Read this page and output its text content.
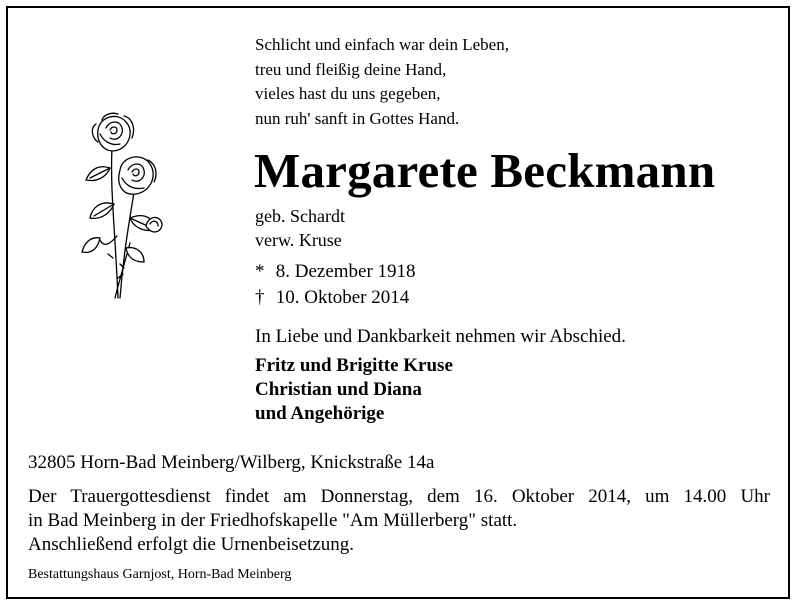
Schlicht und einfach war dein Leben,
treu und fleißig deine Hand,
vieles hast du uns gegeben,
nun ruh' sanft in Gottes Hand.
Margarete Beckmann
geb. Schardt
verw. Kruse
* 8. Dezember 1918
† 10. Oktober 2014
In Liebe und Dankbarkeit nehmen wir Abschied.
Fritz und Brigitte Kruse
Christian und Diana
und Angehörige
32805 Horn-Bad Meinberg/Wilberg, Knickstraße 14a
Der Trauergottesdienst findet am Donnerstag, dem 16. Oktober 2014, um 14.00 Uhr
in Bad Meinberg in der Friedhofskapelle "Am Müllerberg" statt.
Anschließend erfolgt die Urnenbeisetzung.
Bestattungshaus Garnjost, Horn-Bad Meinberg
